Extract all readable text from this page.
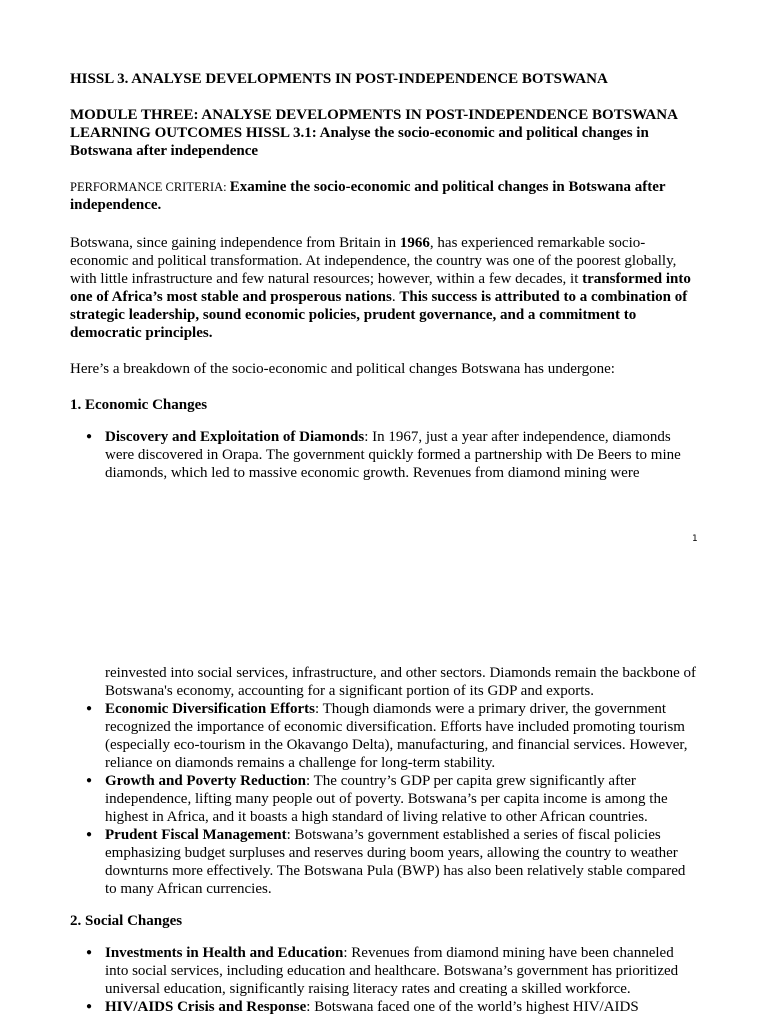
HISSL 3. ANALYSE DEVELOPMENTS IN POST-INDEPENDENCE BOTSWANA
MODULE THREE: ANALYSE DEVELOPMENTS IN POST-INDEPENDENCE BOTSWANA

LEARNING OUTCOMES HISSL 3.1: Analyse the socio-economic and political changes in Botswana after independence

PERFORMANCE CRITERIA: Examine the socio-economic and political changes in Botswana after independence.

Botswana, since gaining independence from Britain in 1966, has experienced remarkable socio-economic and political transformation. At independence, the country was one of the poorest globally, with little infrastructure and few natural resources; however, within a few decades, it transformed into one of Africa’s most stable and prosperous nations. This success is attributed to a combination of strategic leadership, sound economic policies, prudent governance, and a commitment to democratic principles.

Here’s a breakdown of the socio-economic and political changes Botswana has undergone:

1. Economic Changes

● Discovery and Exploitation of Diamonds: In 1967, just a year after independence, diamonds were discovered in Orapa. The government quickly formed a partnership with De Beers to mine diamonds, which led to massive economic growth. Revenues from diamond mining were
1

reinvested into social services, infrastructure, and other sectors. Diamonds remain the backbone of Botswana's economy, accounting for a significant portion of its GDP and exports.

● Economic Diversification Efforts: Though diamonds were a primary driver, the government recognized the importance of economic diversification. Efforts have included promoting tourism (especially eco-tourism in the Okavango Delta), manufacturing, and financial services. However, reliance on diamonds remains a challenge for long-term stability.
● Growth and Poverty Reduction: The country’s GDP per capita grew significantly after independence, lifting many people out of poverty. Botswana’s per capita income is among the highest in Africa, and it boasts a high standard of living relative to other African countries.
● Prudent Fiscal Management: Botswana’s government established a series of fiscal policies emphasizing budget surpluses and reserves during boom years, allowing the country to weather downturns more effectively. The Botswana Pula (BWP) has also been relatively stable compared to many African currencies.

2. Social Changes

● Investments in Health and Education: Revenues from diamond mining have been channeled into social services, including education and healthcare. Botswana’s government has prioritized universal education, significantly raising literacy rates and creating a skilled workforce.
● HIV/AIDS Crisis and Response: Botswana faced one of the world’s highest HIV/AIDS
